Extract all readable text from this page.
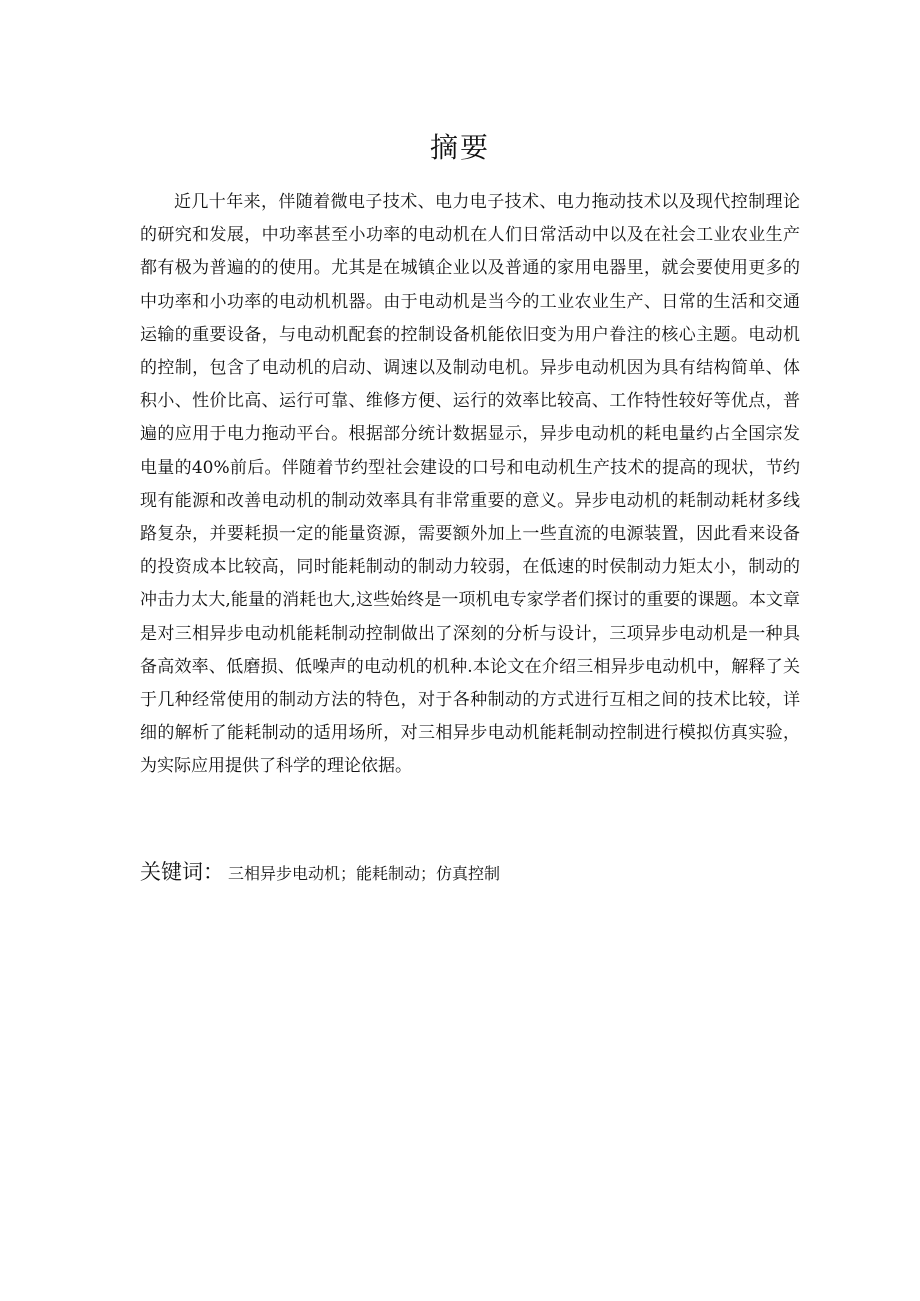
摘要

近几十年来，伴随着微电子技术、电力电子技术、电力拖动技术以及现代控制理论的研究和发展，中功率甚至小功率的电动机在人们日常活动中以及在社会工业农业生产都有极为普遍的的使用。尤其是在城镇企业以及普通的家用电器里，就会要使用更多的中功率和小功率的电动机机器。由于电动机是当今的工业农业生产、日常的生活和交通运输的重要设备，与电动机配套的控制设备机能依旧变为用户眷注的核心主题。电动机的控制，包含了电动机的启动、调速以及制动电机。异步电动机因为具有结构简单、体积小、性价比高、运行可靠、维修方便、运行的效率比较高、工作特性较好等优点，普遍的应用于电力拖动平台。根据部分统计数据显示，异步电动机的耗电量约占全国宗发电量的40%前后。伴随着节约型社会建设的口号和电动机生产技术的提高的现状，节约现有能源和改善电动机的制动效率具有非常重要的意义。异步电动机的耗制动耗材多线路复杂，并要耗损一定的能量资源，需要额外加上一些直流的电源装置，因此看来设备的投资成本比较高，同时能耗制动的制动力较弱，在低速的时侯制动力矩太小，制动的冲击力太大,能量的消耗也大,这些始终是一项机电专家学者们探讨的重要的课题。本文章是对三相异步电动机能耗制动控制做出了深刻的分析与设计，三项异步电动机是一种具备高效率、低磨损、低噪声的电动机的机种.本论文在介绍三相异步电动机中，解释了关于几种经常使用的制动方法的特色，对于各种制动的方式进行互相之间的技术比较，详细的解析了能耗制动的适用场所，对三相异步电动机能耗制动控制进行模拟仿真实验，为实际应用提供了科学的理论依据。

关键词： 三相异步电动机；能耗制动；仿真控制
